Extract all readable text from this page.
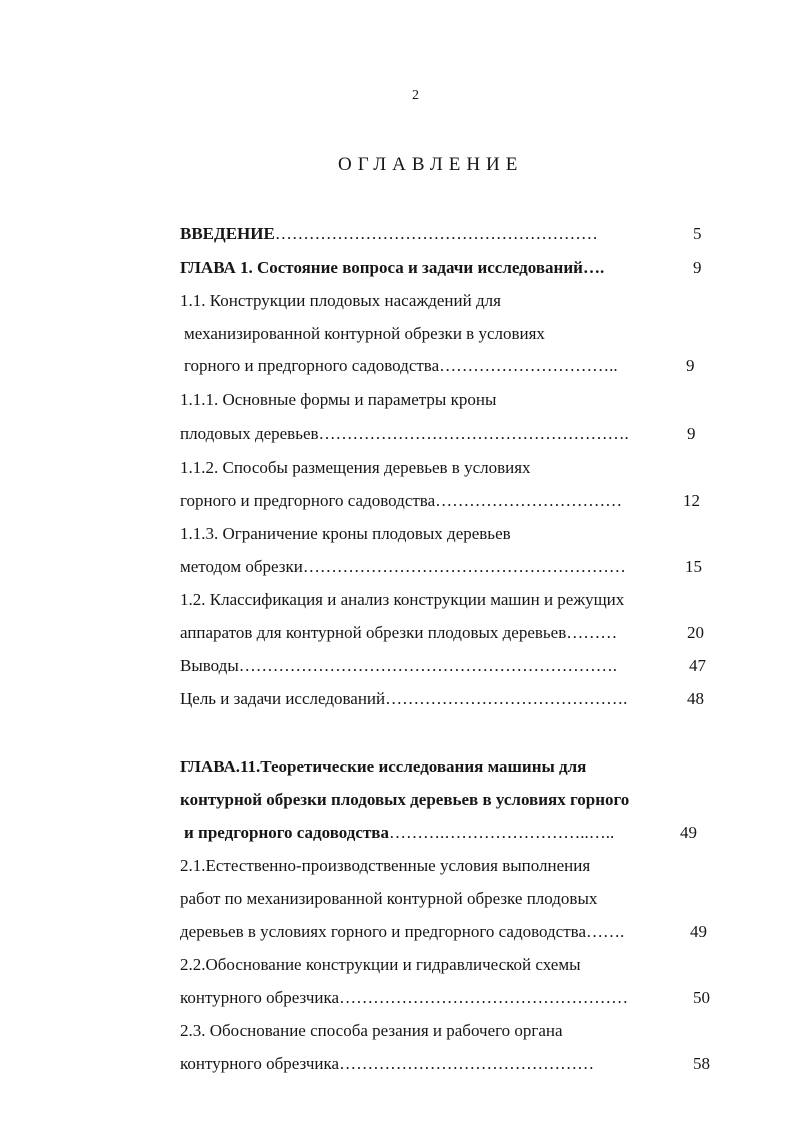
2
ОГЛАВЛЕНИЕ
ВВЕДЕНИЕ…………………………………………………	5
ГЛАВА 1. Состояние вопроса и задачи исследований….	9
1.1. Конструкции плодовых насаждений для
механизированной контурной обрезки в условиях
горного и предгорного садоводства…………………………..	9
1.1.1. Основные формы и параметры кроны
плодовых деревьев……………………………………………….	9
1.1.2. Способы размещения деревьев в условиях
горного и предгорного садоводства……………………………	12
1.1.3. Ограничение кроны плодовых деревьев
методом обрезки…………………………………………………	15
1.2. Классификация и анализ конструкции машин и режущих
аппаратов для контурной обрезки плодовых деревьев………	20
Выводы………………………………………………………….	47
Цель и задачи исследований…………………………………….	48
ГЛАВА.11.Теоретические исследования машины для
контурной обрезки плодовых деревьев в условиях горного
и предгорного садоводства……….……………………..…..	49
2.1.Естественно-производственные условия выполнения
работ по механизированной контурной обрезке плодовых
деревьев в условиях горного и предгорного садоводства…….	49
2.2.Обоснование конструкции и гидравлической схемы
контурного обрезчика……………………………………………	50
2.3. Обоснование способа резания и рабочего органа
контурного обрезчика………………………………………	58
